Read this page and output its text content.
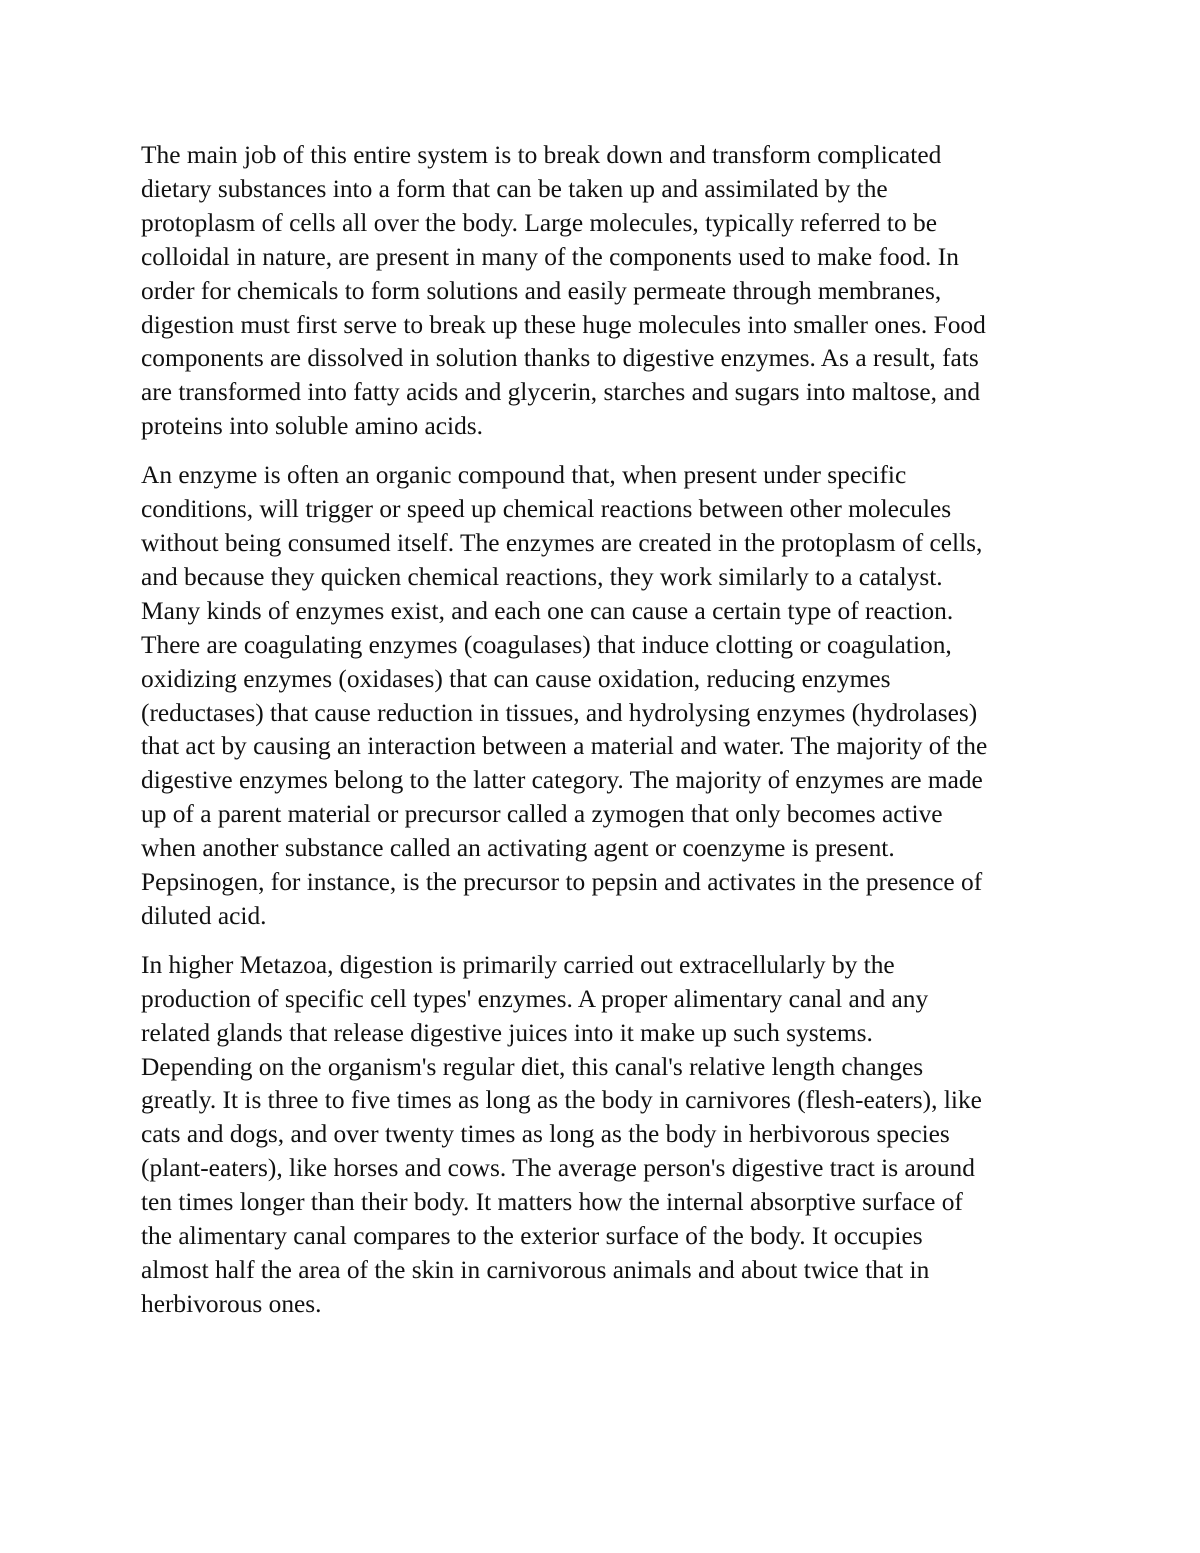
The main job of this entire system is to break down and transform complicated
dietary substances into a form that can be taken up and assimilated by the
protoplasm of cells all over the body. Large molecules, typically referred to be
colloidal in nature, are present in many of the components used to make food. In
order for chemicals to form solutions and easily permeate through membranes,
digestion must first serve to break up these huge molecules into smaller ones. Food
components are dissolved in solution thanks to digestive enzymes. As a result, fats
are transformed into fatty acids and glycerin, starches and sugars into maltose, and
proteins into soluble amino acids.

An enzyme is often an organic compound that, when present under specific
conditions, will trigger or speed up chemical reactions between other molecules
without being consumed itself. The enzymes are created in the protoplasm of cells,
and because they quicken chemical reactions, they work similarly to a catalyst.
Many kinds of enzymes exist, and each one can cause a certain type of reaction.
There are coagulating enzymes (coagulases) that induce clotting or coagulation,
oxidizing enzymes (oxidases) that can cause oxidation, reducing enzymes
(reductases) that cause reduction in tissues, and hydrolysing enzymes (hydrolases)
that act by causing an interaction between a material and water. The majority of the
digestive enzymes belong to the latter category. The majority of enzymes are made
up of a parent material or precursor called a zymogen that only becomes active
when another substance called an activating agent or coenzyme is present.
Pepsinogen, for instance, is the precursor to pepsin and activates in the presence of
diluted acid.

In higher Metazoa, digestion is primarily carried out extracellularly by the
production of specific cell types' enzymes. A proper alimentary canal and any
related glands that release digestive juices into it make up such systems.
Depending on the organism's regular diet, this canal's relative length changes
greatly. It is three to five times as long as the body in carnivores (flesh-eaters), like
cats and dogs, and over twenty times as long as the body in herbivorous species
(plant-eaters), like horses and cows. The average person's digestive tract is around
ten times longer than their body. It matters how the internal absorptive surface of
the alimentary canal compares to the exterior surface of the body. It occupies
almost half the area of the skin in carnivorous animals and about twice that in
herbivorous ones.
